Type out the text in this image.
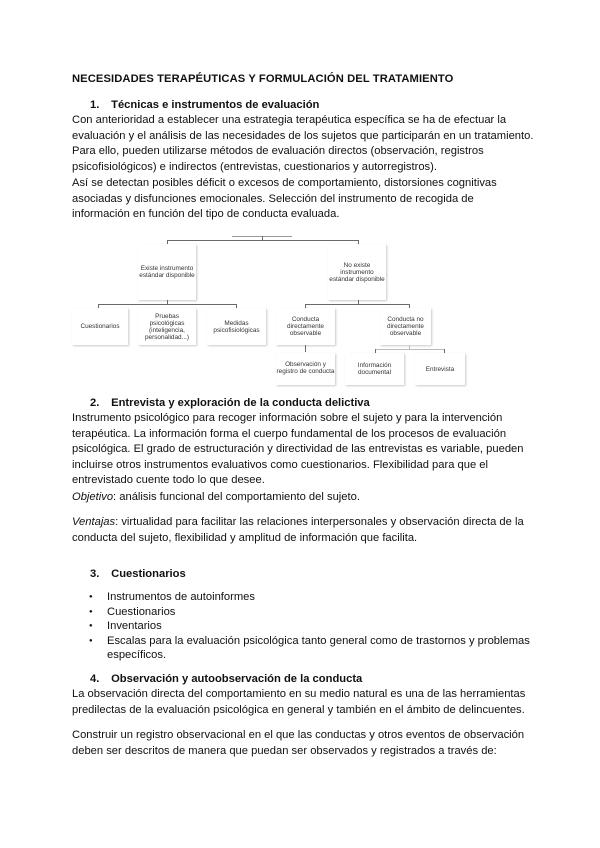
NECESIDADES TERAPÉUTICAS Y FORMULACIÓN DEL TRATAMIENTO
1. Técnicas e instrumentos de evaluación

Con anterioridad a establecer una estrategia terapéutica específica se ha de efectuar la evaluación y el análisis de las necesidades de los sujetos que participarán en un tratamiento. Para ello, pueden utilizarse métodos de evaluación directos (observación, registros psicofisiológicos) e indirectos (entrevistas, cuestionarios y autorregistros).

Así se detectan posibles déficit o excesos de comportamiento, distorsiones cognitivas asociadas y disfunciones emocionales. Selección del instrumento de recogida de información en función del tipo de conducta evaluada.

Existe instrumento estándar disponible
No existe instrumento estándar disponible
Cuestionarios
Pruebas psicológicas (inteligencia, personalidad...)
Medidas psicofisiológicas
Conducta directamente observable
Conducta no directamente observable
Observación y registro de conducta
Información documental	Entrevista
2. Entrevista y exploración de la conducta delictiva

Instrumento psicológico para recoger información sobre el sujeto y para la intervención terapéutica. La información forma el cuerpo fundamental de los procesos de evaluación psicológica. El grado de estructuración y directividad de las entrevistas es variable, pueden incluirse otros instrumentos evaluativos como cuestionarios. Flexibilidad para que el entrevistado cuente todo lo que desee.

Objetivo: análisis funcional del comportamiento del sujeto.

Ventajas: virtualidad para facilitar las relaciones interpersonales y observación directa de la conducta del sujeto, flexibilidad y amplitud de información que facilita.

3. Cuestionarios
● Instrumentos de autoinformes
● Cuestionarios
● Inventarios
● Escalas para la evaluación psicológica tanto general como de trastornos y problemas específicos.
4. Observación y autoobservación de la conducta

La observación directa del comportamiento en su medio natural es una de las herramientas predilectas de la evaluación psicológica en general y también en el ámbito de delincuentes.

Construir un registro observacional en el que las conductas y otros eventos de observación deben ser descritos de manera que puedan ser observados y registrados a través de:
